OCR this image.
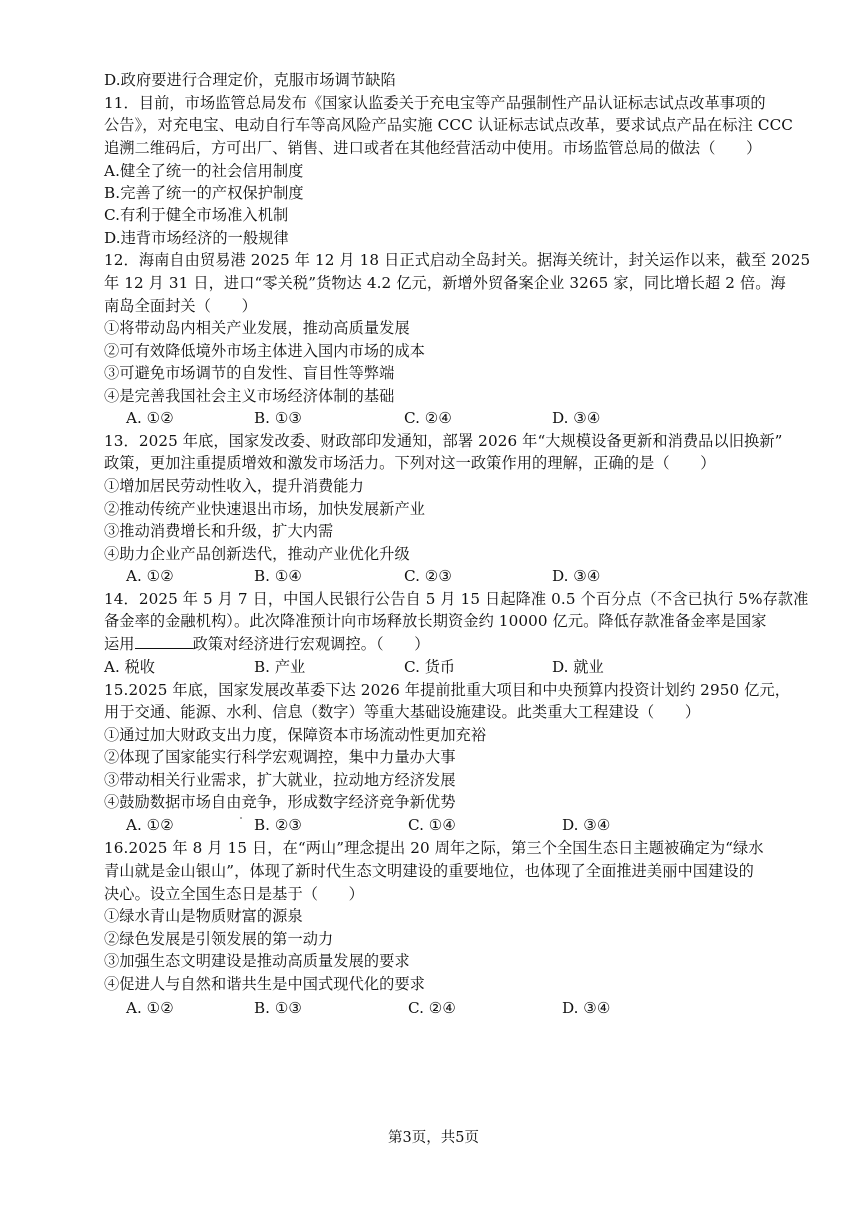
D.政府要进行合理定价，克服市场调节缺陷
11．目前，市场监管总局发布《国家认监委关于充电宝等产品强制性产品认证标志试点改革事项的
公告》，对充电宝、电动自行车等高风险产品实施 CCC 认证标志试点改革，要求试点产品在标注 CCC
追溯二维码后，方可出厂、销售、进口或者在其他经营活动中使用。市场监管总局的做法（　　）
A.健全了统一的社会信用制度
B.完善了统一的产权保护制度
C.有利于健全市场准入机制
D.违背市场经济的一般规律
12．海南自由贸易港 2025 年 12 月 18 日正式启动全岛封关。据海关统计，封关运作以来，截至 2025
年 12 月 31 日，进口“零关税”货物达 4.2 亿元，新增外贸备案企业 3265 家，同比增长超 2 倍。海
南岛全面封关（　　）
①将带动岛内相关产业发展，推动高质量发展
②可有效降低境外市场主体进入国内市场的成本
③可避免市场调节的自发性、盲目性等弊端
④是完善我国社会主义市场经济体制的基础
A. ①②	B. ①③	C. ②④	D. ③④
13．2025 年底，国家发改委、财政部印发通知，部署 2026 年“大规模设备更新和消费品以旧换新”
政策，更加注重提质增效和激发市场活力。下列对这一政策作用的理解，正确的是（　　）
①增加居民劳动性收入，提升消费能力
②推动传统产业快速退出市场，加快发展新产业
③推动消费增长和升级，扩大内需
④助力企业产品创新迭代，推动产业优化升级
A. ①②	B. ①④	C. ②③	D. ③④
14．2025 年 5 月 7 日，中国人民银行公告自 5 月 15 日起降准 0.5 个百分点（不含已执行 5%存款准
备金率的金融机构）。此次降准预计向市场释放长期资金约 10000 亿元。降低存款准备金率是国家
运用	政策对经济进行宏观调控。（　　）
A. 税收	B. 产业	C. 货币	D. 就业
15.2025 年底，国家发展改革委下达 2026 年提前批重大项目和中央预算内投资计划约 2950 亿元，
用于交通、能源、水利、信息（数字）等重大基础设施建设。此类重大工程建设（　　）
①通过加大财政支出力度，保障资本市场流动性更加充裕
②体现了国家能实行科学宏观调控，集中力量办大事
③带动相关行业需求，扩大就业，拉动地方经济发展
④鼓励数据市场自由竞争，形成数字经济竞争新优势
A. ①②	B. ②③	C. ①④	D. ③④
16.2025 年 8 月 15 日，在“两山”理念提出 20 周年之际，第三个全国生态日主题被确定为“绿水
青山就是金山银山”，体现了新时代生态文明建设的重要地位，也体现了全面推进美丽中国建设的
决心。设立全国生态日是基于（　　）
①绿水青山是物质财富的源泉
②绿色发展是引领发展的第一动力
③加强生态文明建设是推动高质量发展的要求
④促进人与自然和谐共生是中国式现代化的要求
A. ①②	B. ①③	C. ②④	D. ③④
第3页，共5页
